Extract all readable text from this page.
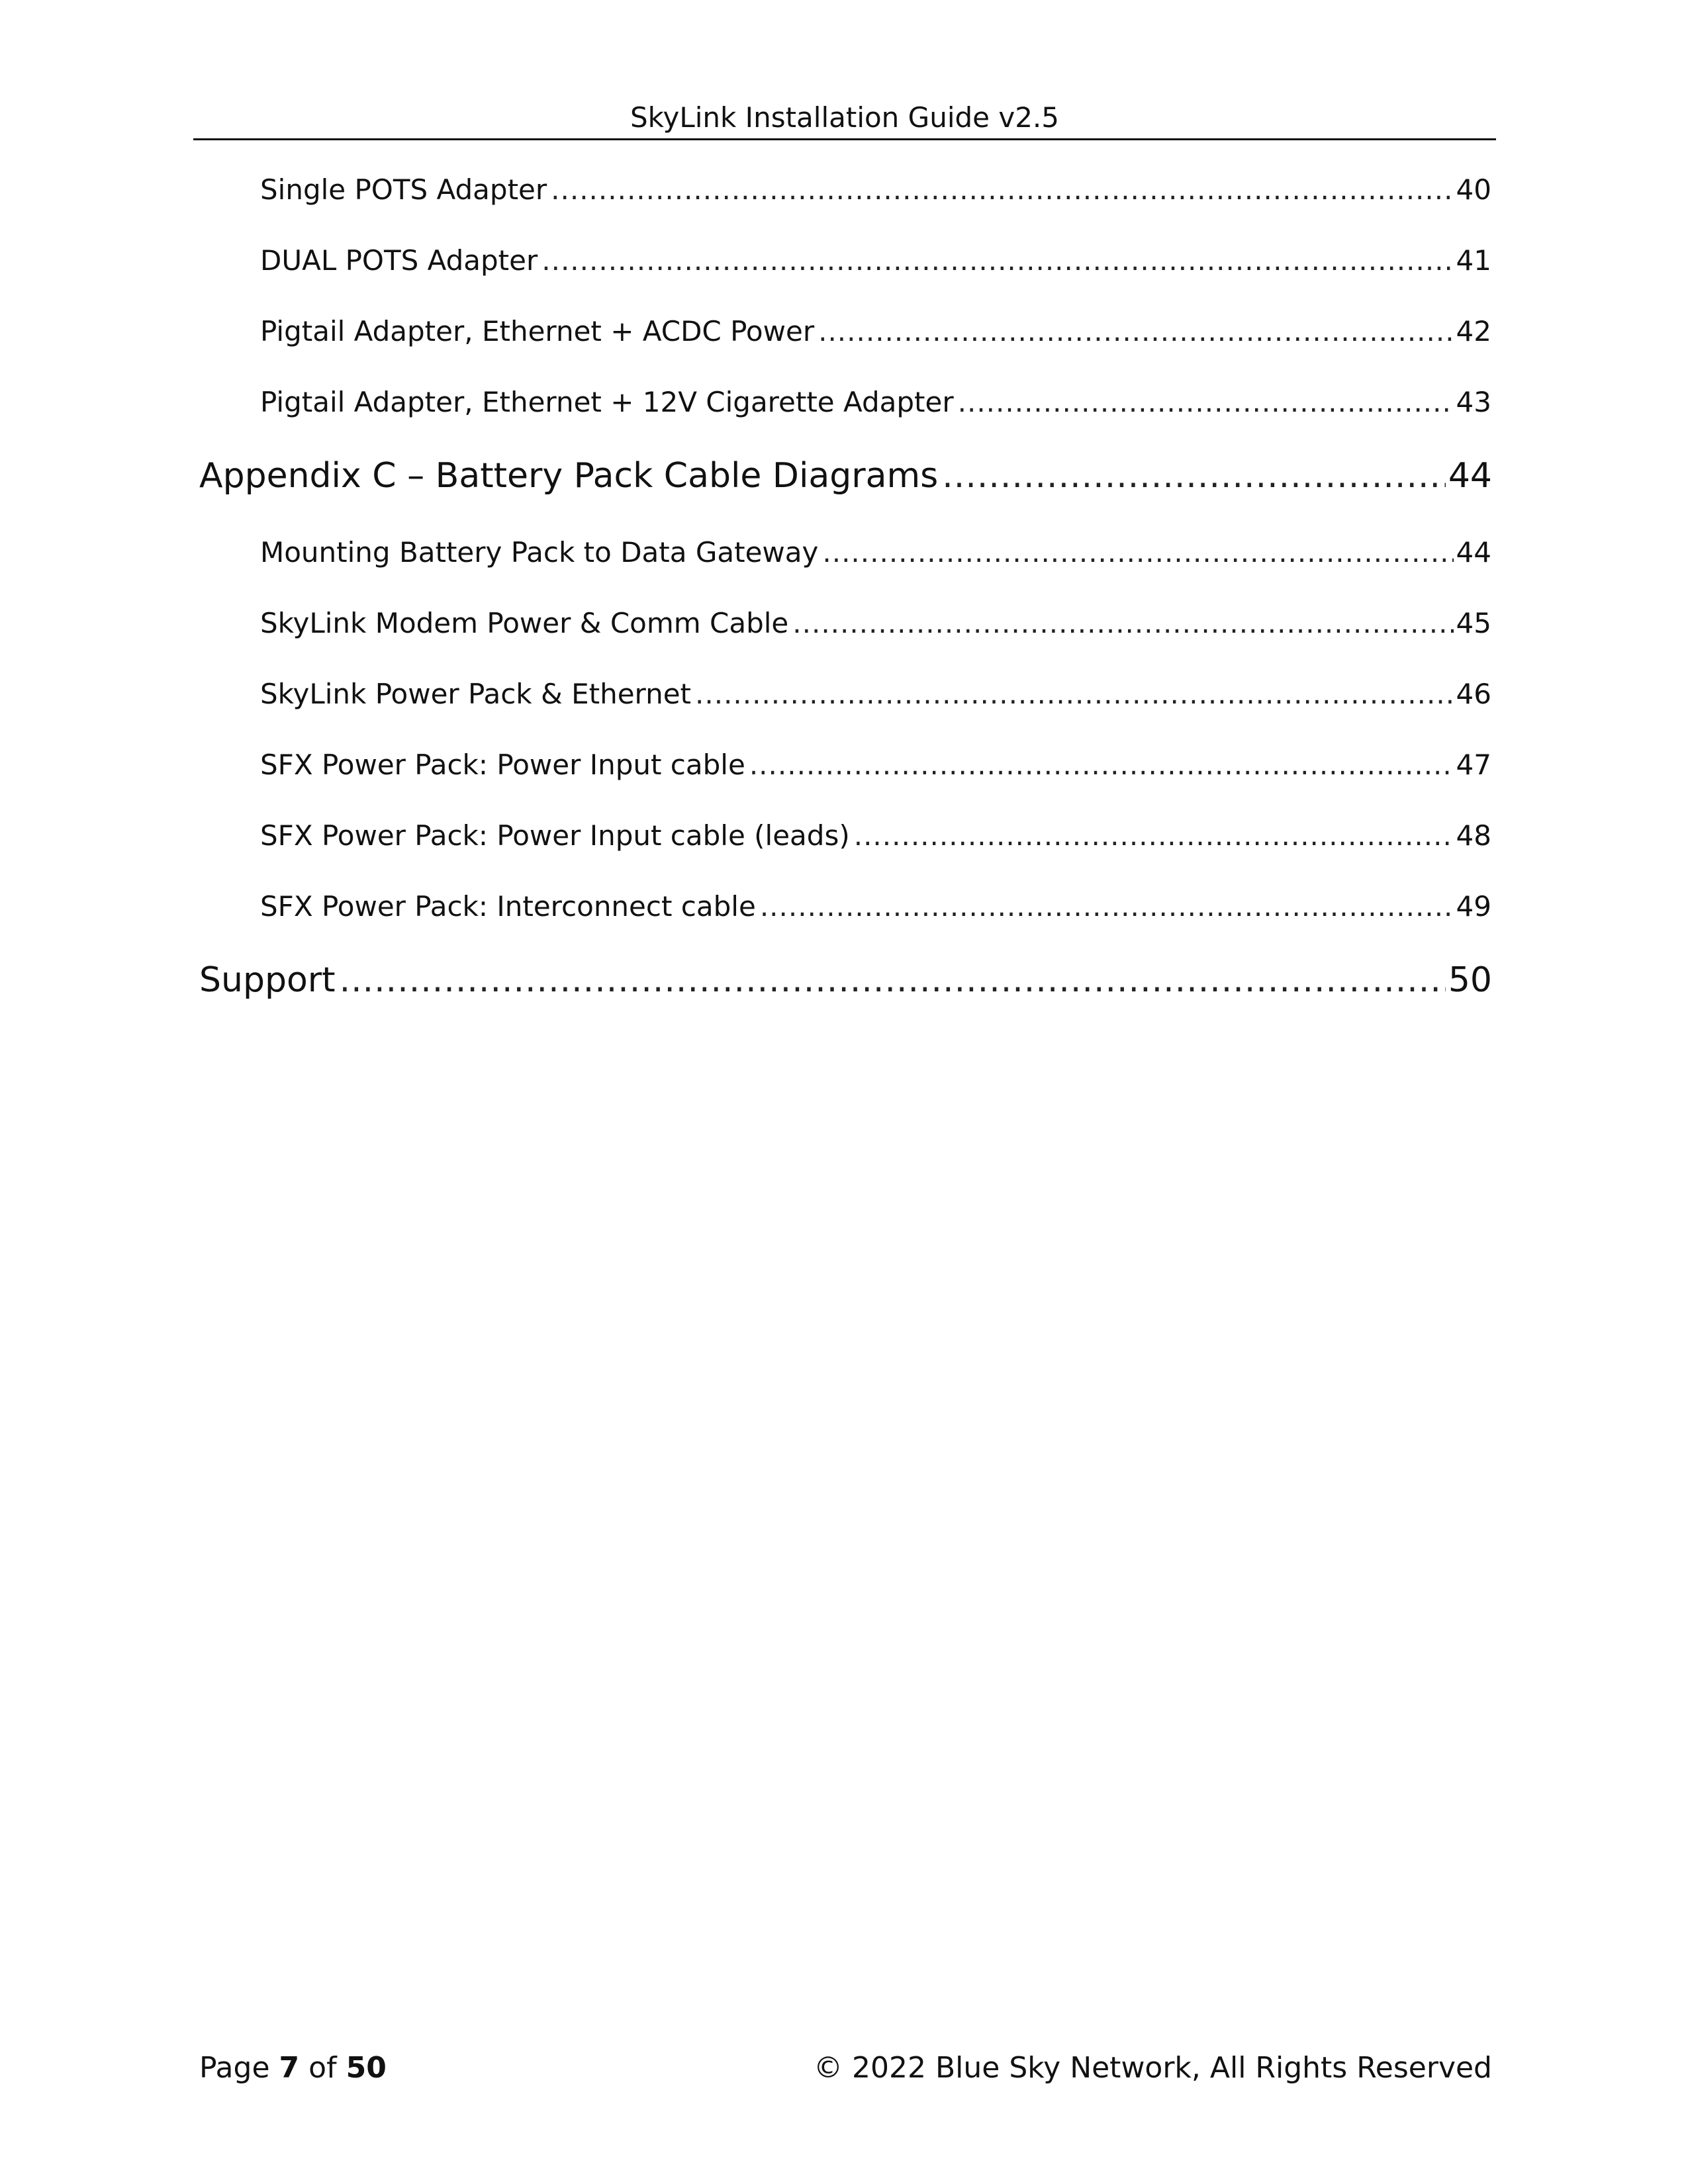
SkyLink Installation Guide v2.5
Single POTS Adapter .....	40
DUAL POTS Adapter .....	41
Pigtail Adapter, Ethernet + ACDC Power .....	42
Pigtail Adapter, Ethernet + 12V Cigarette Adapter .....	43
Appendix C – Battery Pack Cable Diagrams .....	44
Mounting Battery Pack to Data Gateway .....	44
SkyLink Modem Power & Comm Cable .....	45
SkyLink Power Pack & Ethernet .....	46
SFX Power Pack: Power Input cable .....	47
SFX Power Pack: Power Input cable (leads) .....	48
SFX Power Pack: Interconnect cable .....	49
Support .....	50
Page 7 of 50	© 2022 Blue Sky Network, All Rights Reserved
